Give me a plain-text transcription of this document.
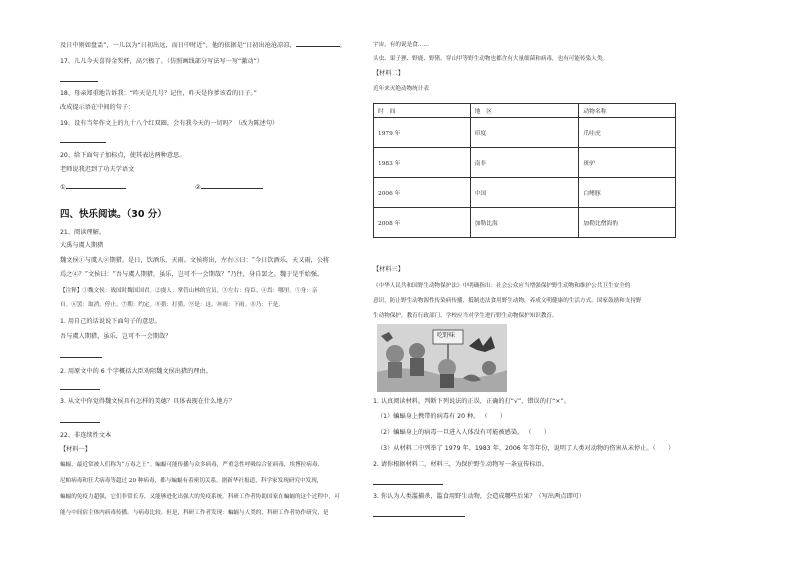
及日中则如盘盂”，一儿以为“日初出远，而日中时近”，他的依据是“日初出沧沧凉凉，	。
17、儿儿今天喜得金奖杯，高兴极了。（仿照画线部分写法写一写“激动”）
18、母亲郑重地告诉我：“昨天是几号？记住，昨天是你爹该看的日子。”
改成提示语在中间的句子：
19、设有当年作文上的九十八个红双圈，会有我今天的一切吗？（改为陈述句）
20、给下面句子加标点，使其表达两种意思。
老师说我迟到了功夫学语文
①	②
四、快乐阅读。（30 分）
21、阅读理解。
大禹与虞人期猎
魏文侯①与虞人②期猎。是日，饮酒乐，天雨。文侯将出，左右③曰：“今日饮酒乐，天又雨，公将
焉之④？”文侯曰：“吾与虞人期猎，虽乐，岂可不一会期哉？”乃往，身自罢之。魏于是乎始强。
【注释】①魏文侯：战国时魏国国君。②虞人：掌管山林的官员。③左右：侍臣。④焉：哪里。⑤身：亲
自。⑥罢：取消，停止。⑦期：约定。⑧猎：打猎。⑨是：这。⑩雨：下雨。⑪乃：于是。
1. 用自己的话说说下面句子的意思。
吾与虞人期猎，虽乐，岂可不一会期哉？
2. 用原文中的 6 个字概括大臣劝阻魏文侯出猎的理由。
3. 从文中你觉得魏文侯具有怎样的美德？具体表现在什么地方？
22、非连续性文本
【材料一】
蝙蝠，最近常被人们称为“万毒之王”。蝙蝠可能传播与众多病毒，严重急性呼吸综合征病毒，埃博拉病毒、
尼帕病毒和狂犬病毒等超过 20 种病毒，都与蝙蝠有着密切关系。据新华社报道，科学家发现研究中发现，
蝙蝠的免疫力超强，它们非常长寿，又能够进化出强大的免疫系统。科研工作者协助国家在蝙蝠的这个过程中，可
能与中间宿主体内病毒传播。与病毒比较。但是，科研工作者发现：蝙蝠与人类的，科研工作者协作研究，是
宇宙，有的说是食……
头虫、果子狸、野鹿、野猪、穿山甲等野生动物也都含有大量细菌和病毒，也有可能传染人类。
【材料二】
近年来灭绝动物统计表
时　间	地　区	动物名称
1979 年	印度	爪哇虎
1983 年	南非	斑驴
2006 年	中国	白鳍豚
2008 年	加勒比海	加勒比僧海豹
【材料三】
《中华人民共和国野生动物保护法》中明确指出：社会公众应当增强保护野生动物和维护公共卫生安全的
意识，防止野生动物源性传染病传播，抵制违法食用野生动物，养成文明健康的生活方式。国家鼓励和支持野
生动物保护，教育行政部门、学校应当对学生进行野生动物保护知识教育。
吃野味
1. 认真阅读材料，判断下列说法的正误，正确的打“√”，错误的打“×”。
（1）蝙蝠身上携带的病毒有 20 种。 （　　）
（2）蝙蝠身上的病毒一旦进入人体没有可能被感染。 （　　）
（3）从材料二中列举了 1979 年、1983 年、2006 年等年份，说明了人类对动物的伤害从未停止。（　　）
2. 请你根据材料二，材料三，为保护野生动物写一条宣传标语。
3. 你认为人类滥捕杀，滥食用野生动物，会造成哪些后果？（写出两点即可）
